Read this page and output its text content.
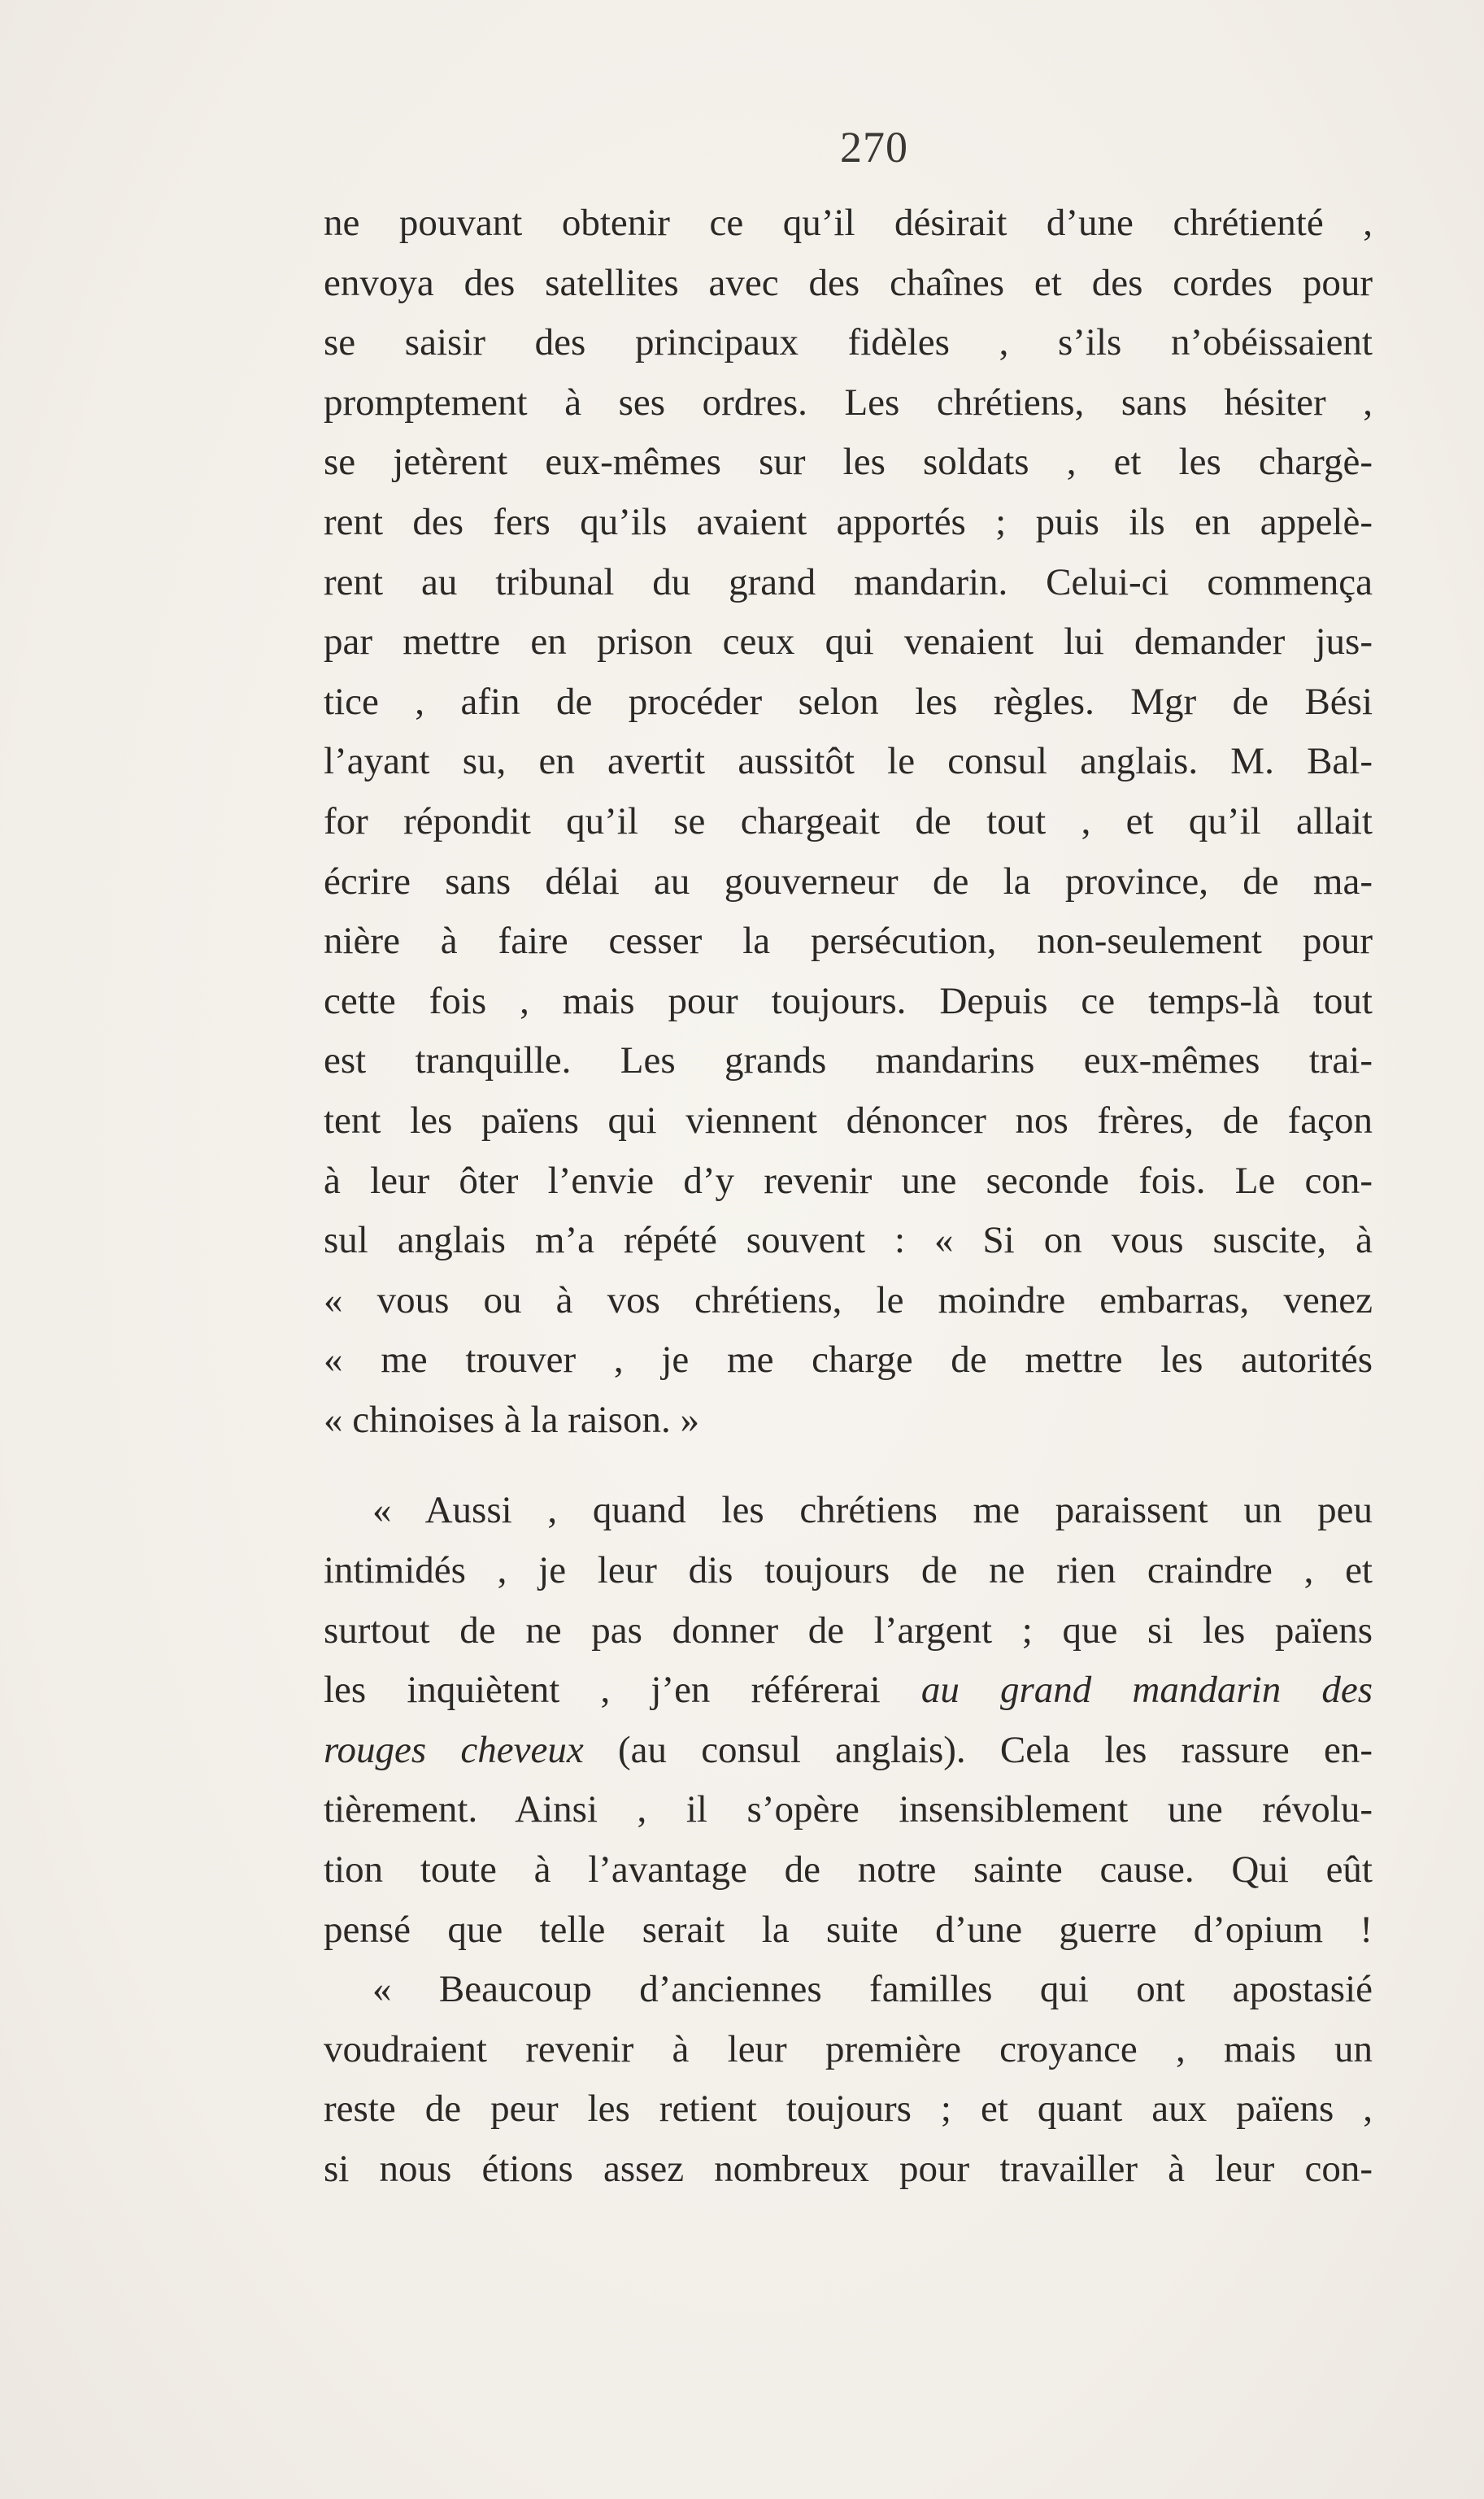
270
ne pouvant obtenir ce qu’il désirait d’une chrétienté ,
envoya des satellites avec des chaînes et des cordes pour
se saisir des principaux fidèles , s’ils n’obéissaient
promptement à ses ordres. Les chrétiens, sans hésiter ,
se jetèrent eux-mêmes sur les soldats , et les chargè-
rent des fers qu’ils avaient apportés ; puis ils en appelè-
rent au tribunal du grand mandarin. Celui-ci commença
par mettre en prison ceux qui venaient lui demander jus-
tice , afin de procéder selon les règles. Mgr de Bési
l’ayant su, en avertit aussitôt le consul anglais. M. Bal-
for répondit qu’il se chargeait de tout , et qu’il allait
écrire sans délai au gouverneur de la province, de ma-
nière à faire cesser la persécution, non-seulement pour
cette fois , mais pour toujours. Depuis ce temps-là tout
est tranquille. Les grands mandarins eux-mêmes trai-
tent les païens qui viennent dénoncer nos frères, de façon
à leur ôter l’envie d’y revenir une seconde fois. Le con-
sul anglais m’a répété souvent : « Si on vous suscite, à
« vous ou à vos chrétiens, le moindre embarras, venez
« me trouver , je me charge de mettre les autorités
« chinoises à la raison. »
« Aussi , quand les chrétiens me paraissent un peu
intimidés , je leur dis toujours de ne rien craindre , et
surtout de ne pas donner de l’argent ; que si les païens
les inquiètent , j’en référerai au grand mandarin des
rouges cheveux (au consul anglais). Cela les rassure en-
tièrement. Ainsi , il s’opère insensiblement une révolu-
tion toute à l’avantage de notre sainte cause. Qui eût
pensé que telle serait la suite d’une guerre d’opium !
« Beaucoup d’anciennes familles qui ont apostasié
voudraient revenir à leur première croyance , mais un
reste de peur les retient toujours ; et quant aux païens ,
si nous étions assez nombreux pour travailler à leur con-
